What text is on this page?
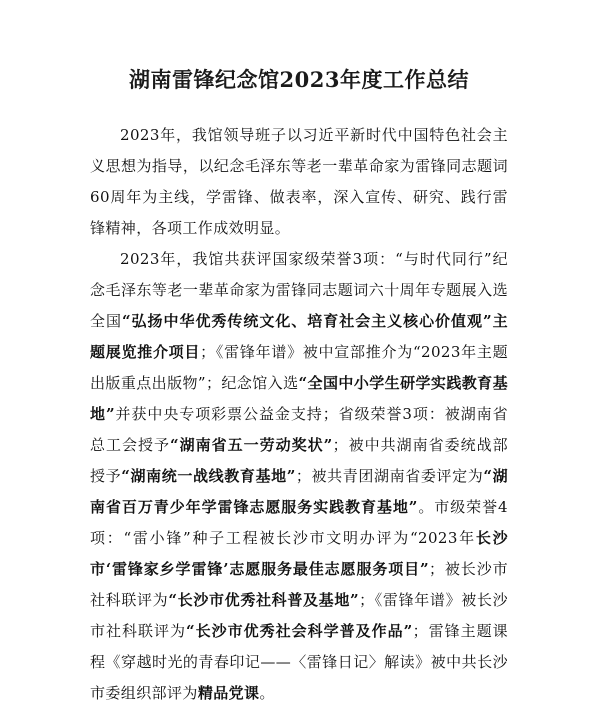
湖南雷锋纪念馆2023年度工作总结

2023年，我馆领导班子以习近平新时代中国特色社会主义思想为指导，以纪念毛泽东等老一辈革命家为雷锋同志题词60周年为主线，学雷锋、做表率，深入宣传、研究、践行雷锋精神，各项工作成效明显。

2023年，我馆共获评国家级荣誉3项：“与时代同行”纪念毛泽东等老一辈革命家为雷锋同志题词六十周年专题展入选全国“弘扬中华优秀传统文化、培育社会主义核心价值观”主题展览推介项目；《雷锋年谱》被中宣部推介为“2023年主题出版重点出版物”；纪念馆入选“全国中小学生研学实践教育基地”并获中央专项彩票公益金支持；省级荣誉3项：被湖南省总工会授予“湖南省五一劳动奖状”；被中共湖南省委统战部授予“湖南统一战线教育基地”；被共青团湖南省委评定为“湖南省百万青少年学雷锋志愿服务实践教育基地”。市级荣誉4项：“雷小锋”种子工程被长沙市文明办评为“2023年长沙市‘雷锋家乡学雷锋’志愿服务最佳志愿服务项目”；被长沙市社科联评为“长沙市优秀社科普及基地”；《雷锋年谱》被长沙市社科联评为“长沙市优秀社会科学普及作品”；雷锋主题课程《穿越时光的青春印记——〈雷锋日记〉解读》被中共长沙市委组织部评为精品党课。
